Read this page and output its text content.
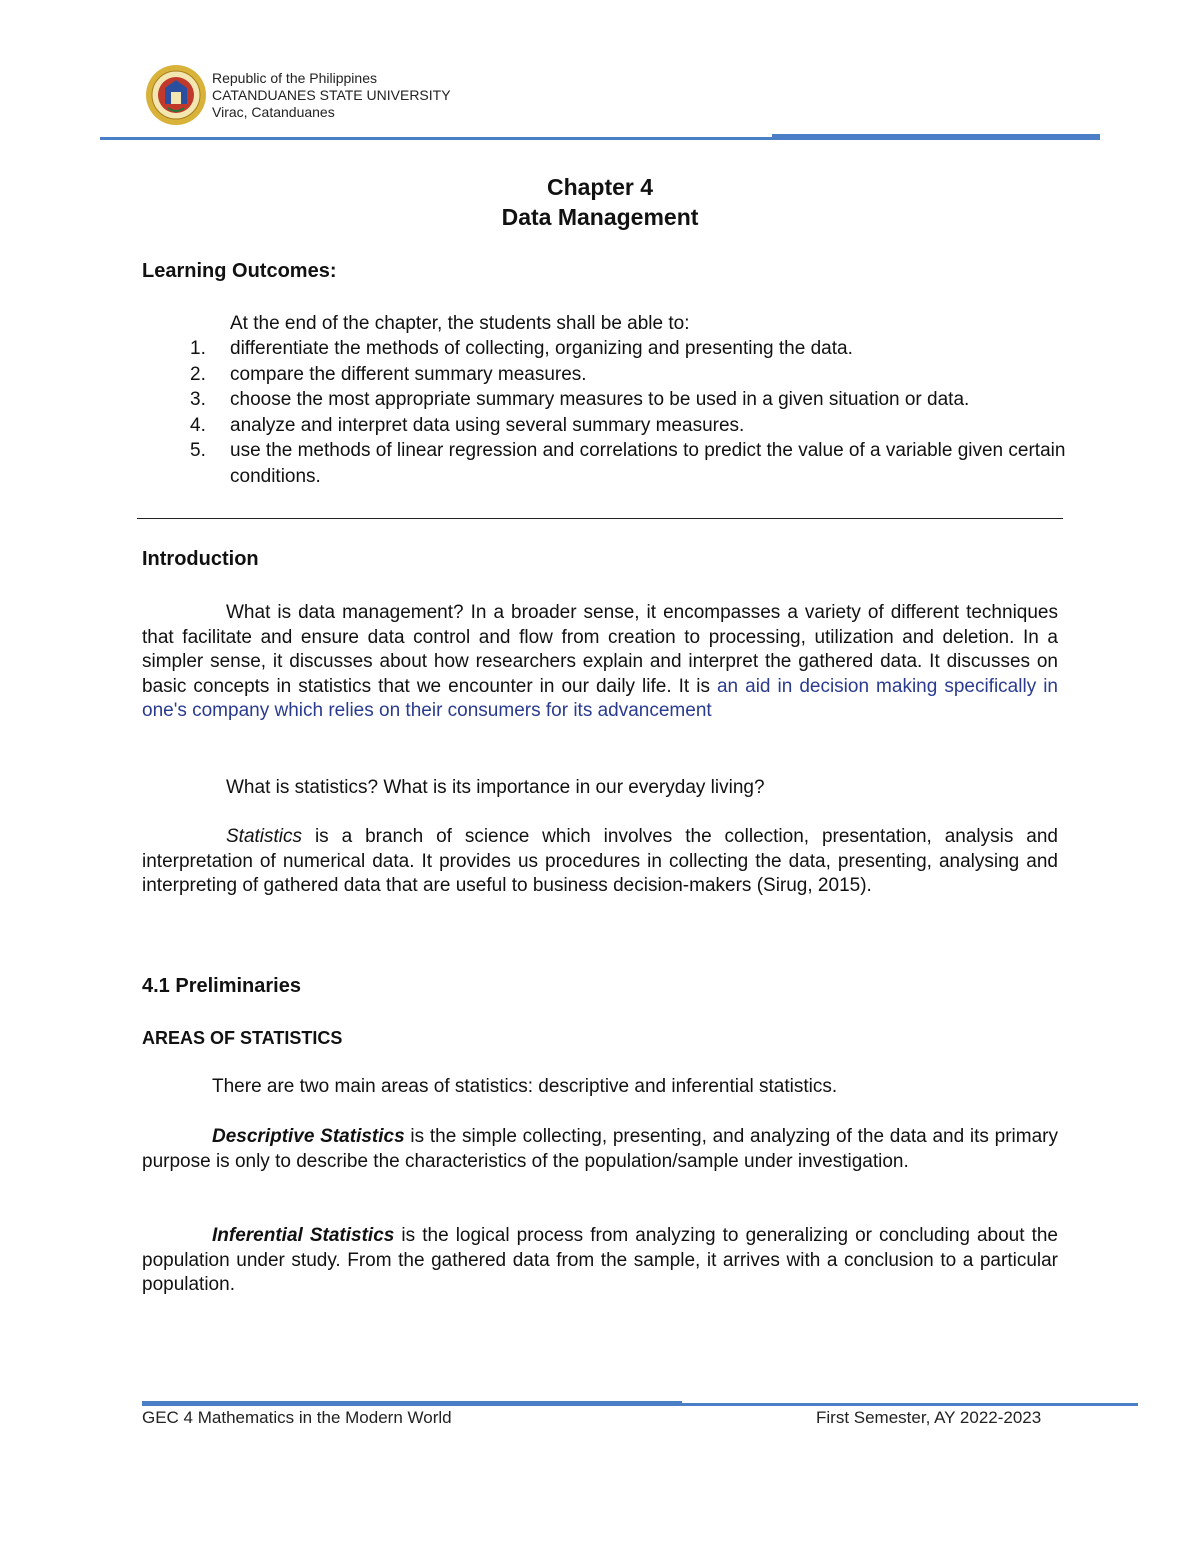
Republic of the Philippines
CATANDUANES STATE UNIVERSITY
Virac, Catanduanes
Chapter 4
Data Management
Learning Outcomes:
At the end of the chapter, the students shall be able to:
1. differentiate the methods of collecting, organizing and presenting the data.
2. compare the different summary measures.
3. choose the most appropriate summary measures to be used in a given situation or data.
4. analyze and interpret data using several summary measures.
5. use the methods of linear regression and correlations to predict the value of a variable given certain conditions.
Introduction
What is data management? In a broader sense, it encompasses a variety of different techniques that facilitate and ensure data control and flow from creation to processing, utilization and deletion. In a simpler sense, it discusses about how researchers explain and interpret the gathered data. It discusses on basic concepts in statistics that we encounter in our daily life. It is an aid in decision making specifically in one's company which relies on their consumers for its advancement
What is statistics? What is its importance in our everyday living?
Statistics is a branch of science which involves the collection, presentation, analysis and interpretation of numerical data. It provides us procedures in collecting the data, presenting, analysing and interpreting of gathered data that are useful to business decision-makers (Sirug, 2015).
4.1 Preliminaries
AREAS OF STATISTICS
There are two main areas of statistics: descriptive and inferential statistics.
Descriptive Statistics is the simple collecting, presenting, and analyzing of the data and its primary purpose is only to describe the characteristics of the population/sample under investigation.
Inferential Statistics is the logical process from analyzing to generalizing or concluding about the population under study. From the gathered data from the sample, it arrives with a conclusion to a particular population.
GEC 4 Mathematics in the Modern World	First Semester, AY 2022-2023
